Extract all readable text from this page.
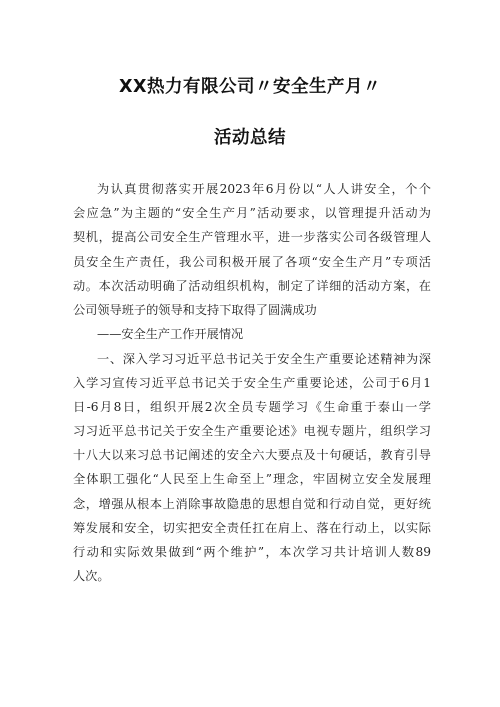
XX热力有限公司〃安全生产月〃
活动总结
为认真贯彻落实开展2023年6月份以“人人讲安全，个个
会应急”为主题的“安全生产月”活动要求，以管理提升活动为
契机，提高公司安全生产管理水平，进一步落实公司各级管理人
员安全生产责任，我公司积极开展了各项“安全生产月”专项活
动。本次活动明确了活动组织机构，制定了详细的活动方案，在
公司领导班子的领导和支持下取得了圆满成功
——安全生产工作开展情况
一、深入学习习近平总书记关于安全生产重要论述精神为深
入学习宣传习近平总书记关于安全生产重要论述，公司于6月1
日-6月8日，组织开展2次全员专题学习《生命重于泰山一学
习习近平总书记关于安全生产重要论述》电视专题片，组织学习
十八大以来习总书记阐述的安全六大要点及十句硬话，教育引导
全体职工强化“人民至上生命至上”理念，牢固树立安全发展理
念，增强从根本上消除事故隐患的思想自觉和行动自觉，更好统
筹发展和安全，切实把安全责任扛在肩上、落在行动上，以实际
行动和实际效果做到“两个维护”，本次学习共计培训人数89
人次。
